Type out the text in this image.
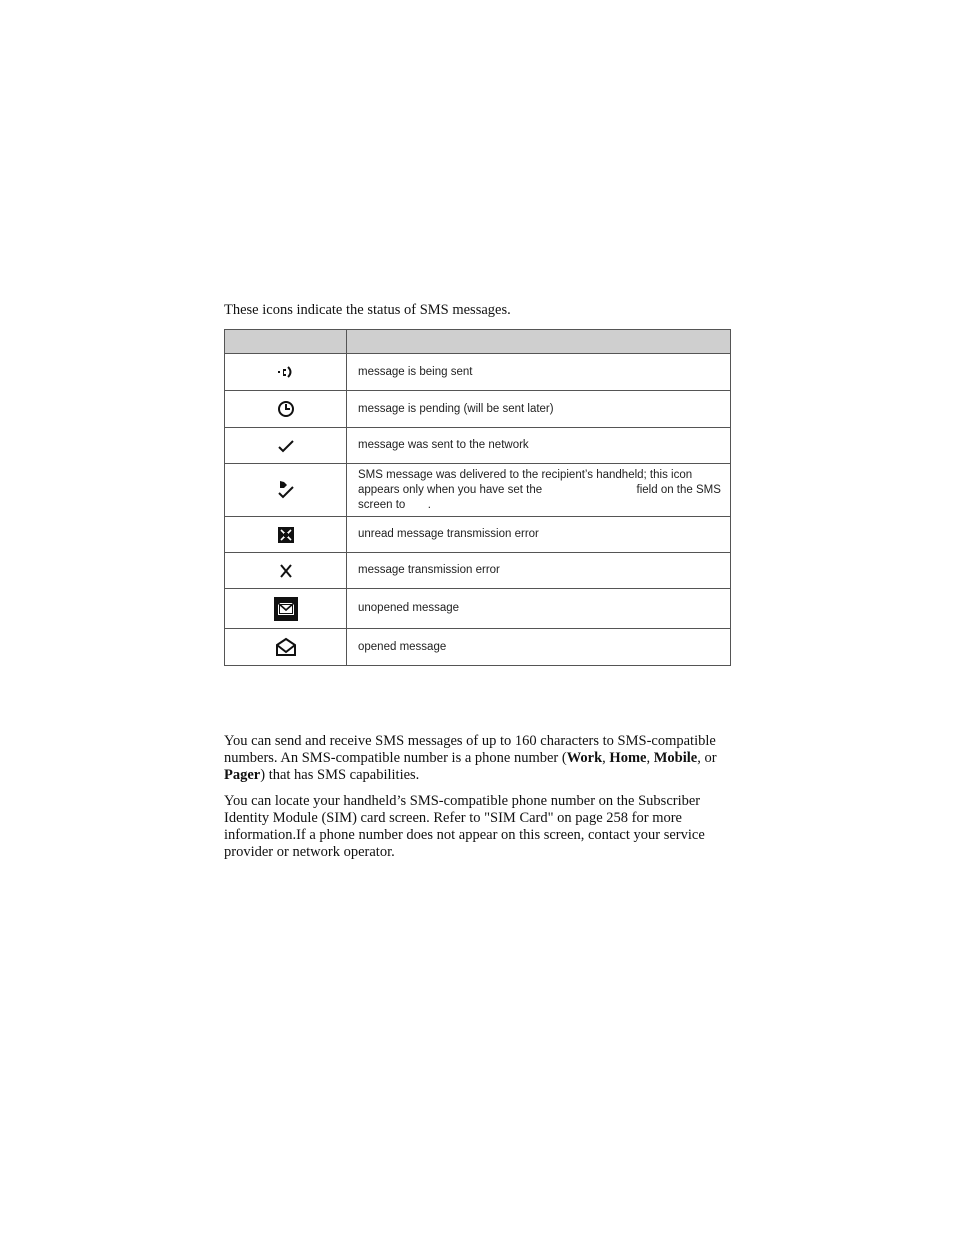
These icons indicate the status of SMS messages.

	message is being sent
	message is pending (will be sent later)
	message was sent to the network
	SMS message was delivered to the recipient’s handheld; this icon appears only when you have set the field on the SMS screen to .
	unread message transmission error
	message transmission error
	unopened message
	opened message

You can send and receive SMS messages of up to 160 characters to SMS-compatible numbers. An SMS-compatible number is a phone number (Work, Home, Mobile, or Pager) that has SMS capabilities.

You can locate your handheld’s SMS-compatible phone number on the Subscriber Identity Module (SIM) card screen. Refer to "SIM Card" on page 258 for more information.If a phone number does not appear on this screen, contact your service provider or network operator.
